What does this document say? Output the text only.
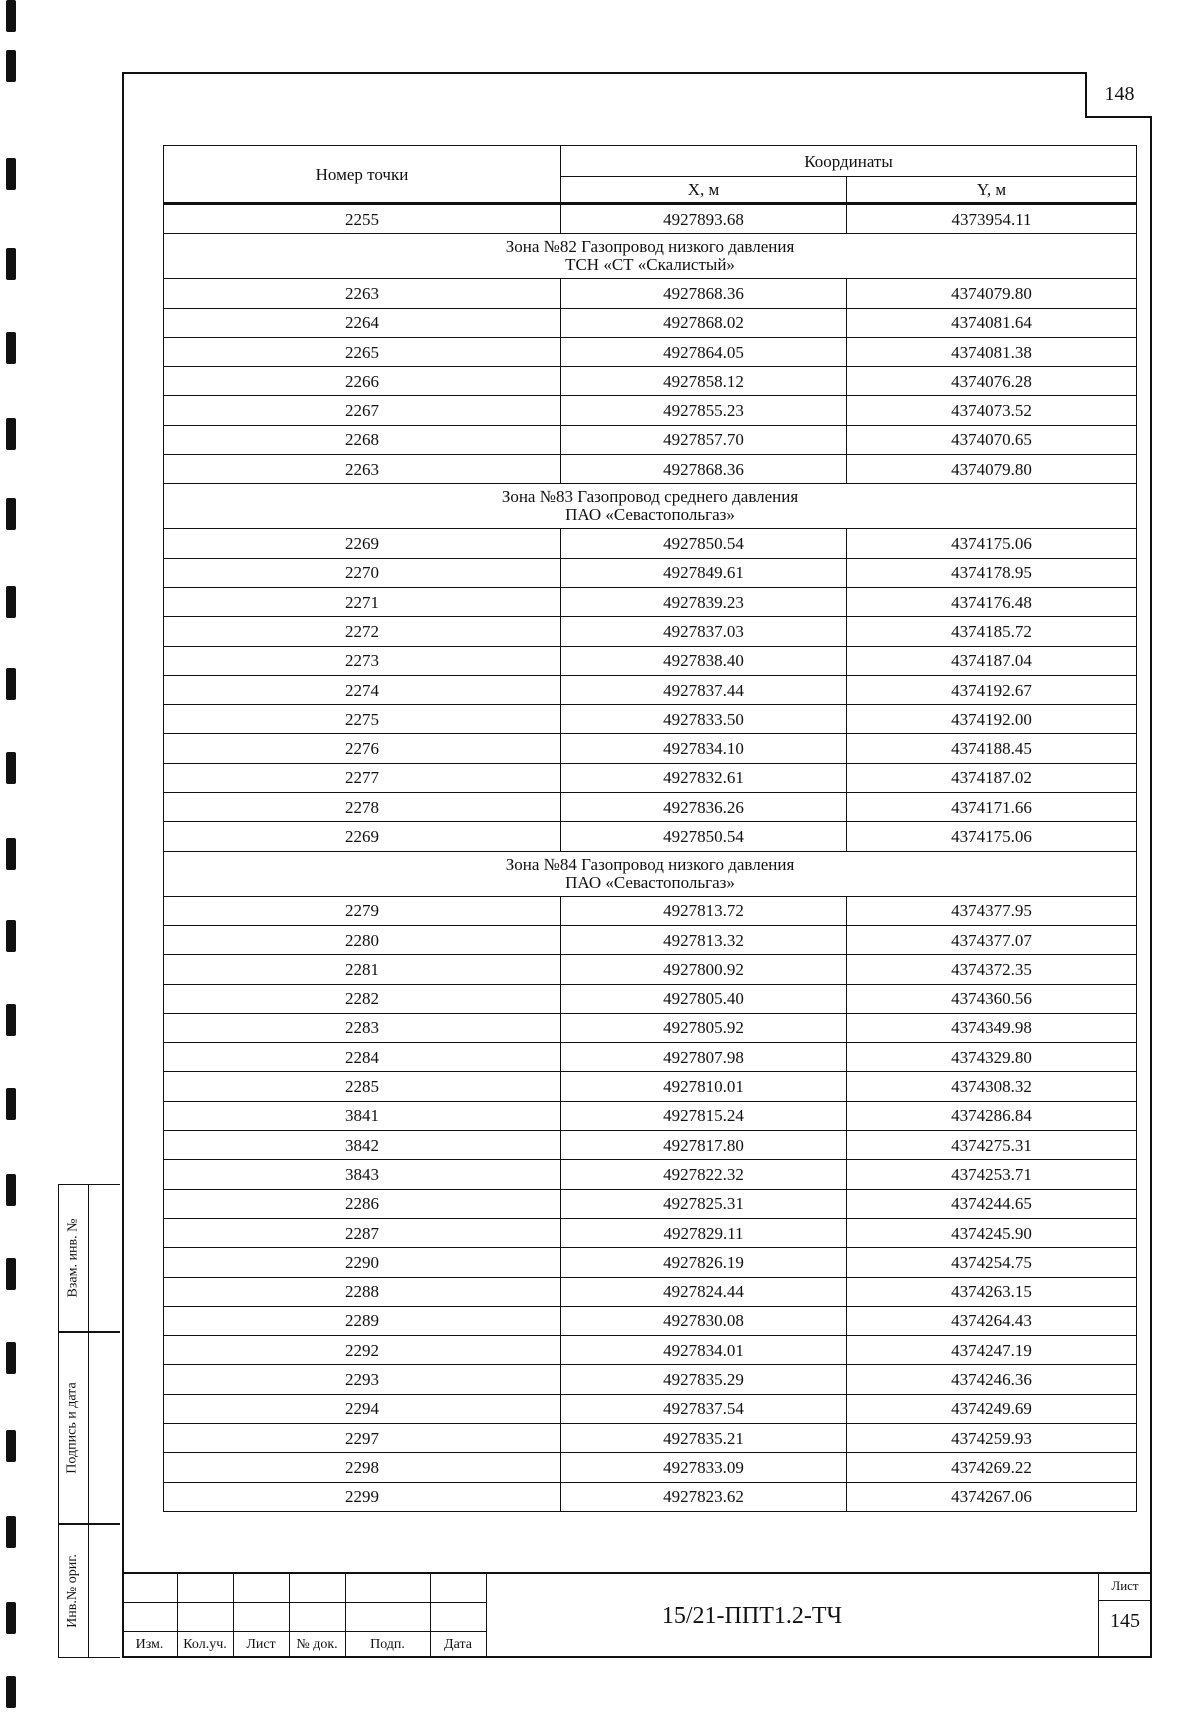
148
Номер точки	Координаты	
	X, м	Y, м
2255	4927893.68	4373954.11

Зона №82 Газопровод низкого давления
ТСН «СТ «Скалистый»		

2263	4927868.36	4374079.80
2264	4927868.02	4374081.64
2265	4927864.05	4374081.38
2266	4927858.12	4374076.28
2267	4927855.23	4374073.52
2268	4927857.70	4374070.65
2263	4927868.36	4374079.80

Зона №83 Газопровод среднего давления
ПАО «Севастопольгаз»		

2269	4927850.54	4374175.06
2270	4927849.61	4374178.95
2271	4927839.23	4374176.48
2272	4927837.03	4374185.72
2273	4927838.40	4374187.04
2274	4927837.44	4374192.67
2275	4927833.50	4374192.00
2276	4927834.10	4374188.45
2277	4927832.61	4374187.02
2278	4927836.26	4374171.66
2269	4927850.54	4374175.06

Зона №84 Газопровод низкого давления
ПАО «Севастопольгаз»		

2279	4927813.72	4374377.95
2280	4927813.32	4374377.07
2281	4927800.92	4374372.35
2282	4927805.40	4374360.56
2283	4927805.92	4374349.98
2284	4927807.98	4374329.80
2285	4927810.01	4374308.32
3841	4927815.24	4374286.84
3842	4927817.80	4374275.31
3843	4927822.32	4374253.71
2286	4927825.31	4374244.65
2287	4927829.11	4374245.90
2290	4927826.19	4374254.75
2288	4927824.44	4374263.15
2289	4927830.08	4374264.43
2292	4927834.01	4374247.19
2293	4927835.29	4374246.36
2294	4927837.54	4374249.69
2297	4927835.21	4374259.93
2298	4927833.09	4374269.22
2299	4927823.62	4374267.06
Взам. инв. №
Подпись и дата
Инв.№ ориг.
Изм.	Кол.уч.	Лист	№ док.	Подп.	Дата
15/21-ППТ1.2-ТЧ
Лист
145
